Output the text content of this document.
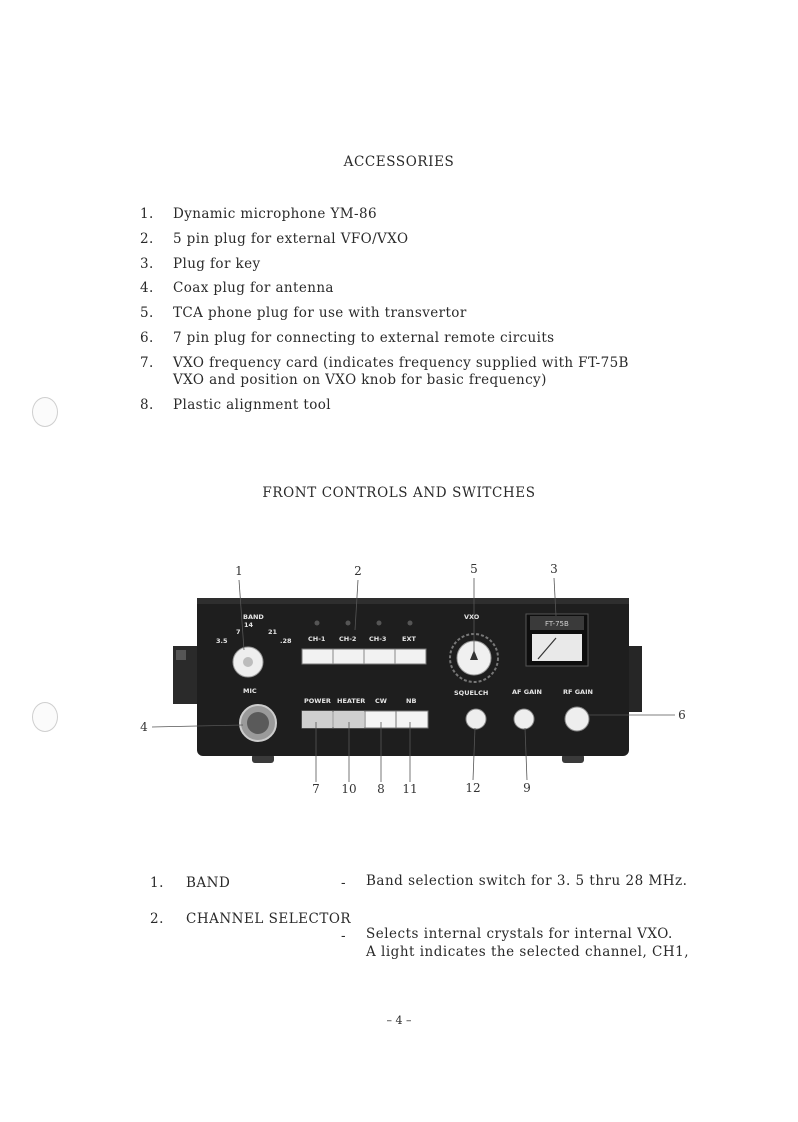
ACCESSORIES
1.	Dynamic microphone YM-86
2.	5 pin plug for external VFO/VXO
3.	Plug for key
4.	Coax plug for antenna
5.	TCA phone plug for use with transvertor
6.	7 pin plug for connecting to external remote circuits
7.	VXO frequency card (indicates frequency supplied with FT-75B
VXO and position on VXO knob for basic frequency)
8.	Plastic alignment tool
FRONT CONTROLS AND SWITCHES
1	2	5	3
4
6
7 10 8 11	12	9
BAND
14
7	21
3.5	.28
MIC
CH-1 CH-2 CH-3 EXT
POWER HEATER CW	NB
VXO
SQUELCH	AF GAIN	RF GAIN
FT-75B
1. BAND	- Band selection switch for 3. 5 thru 28 MHz.
2. CHANNEL SELECTOR
- Selects internal crystals for internal VXO.
A light indicates the selected channel, CH1,
– 4 –
